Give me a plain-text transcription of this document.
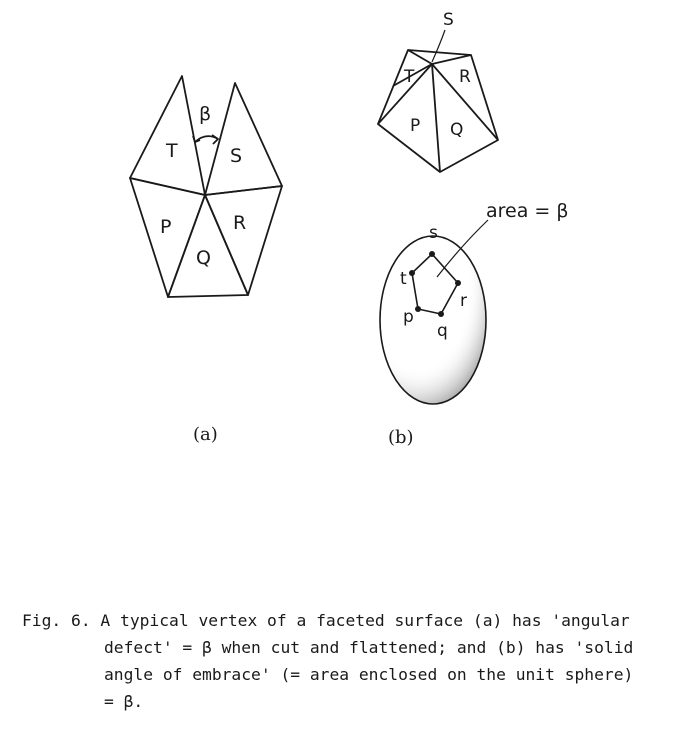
T	S
P	R
Q
β
(a)
S
T	R
P Q
s
t
r
p
q
area = β
(b)
Fig. 6. A typical vertex of a faceted surface (a) has 'angular
defect' = β when cut and flattened; and (b) has 'solid
angle of embrace' (= area enclosed on the unit sphere)
= β.
